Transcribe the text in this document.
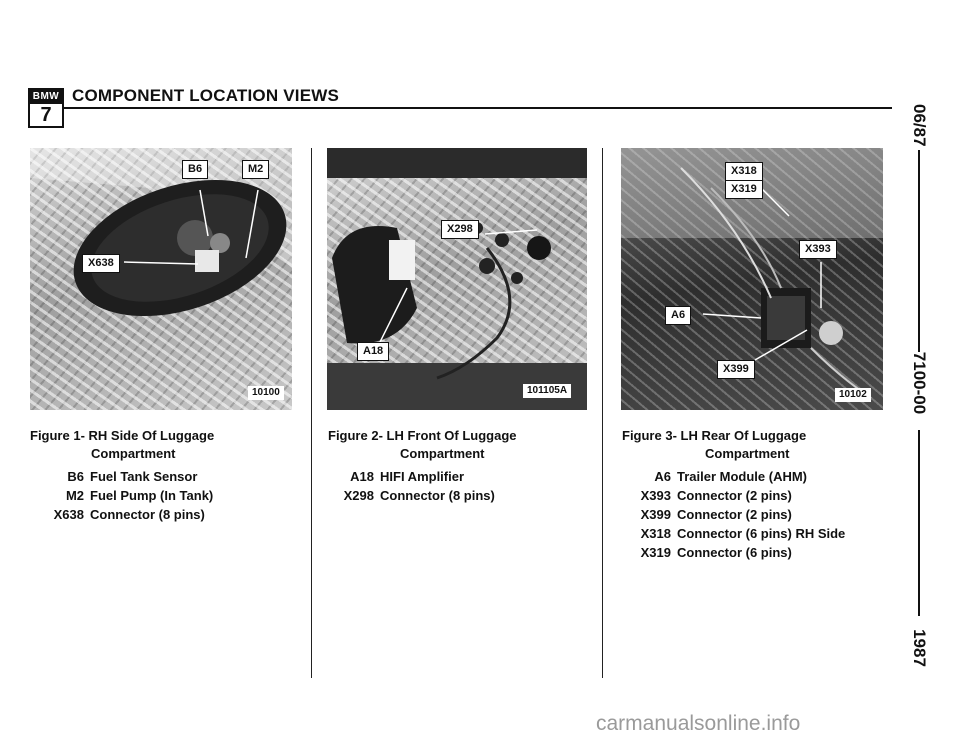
BMW
7
COMPONENT LOCATION VIEWS
B6	M2
X638
10100
X298
A18
101105A
X318
X319
X393
A6
X399
10102
Figure 1- RH Side Of Luggage
Compartment
Figure 2- LH Front Of Luggage
Compartment
Figure 3- LH Rear Of Luggage
Compartment
B6 Fuel Tank Sensor
M2 Fuel Pump (In Tank)
X638 Connector (8 pins)
A18 HIFI Amplifier
X298 Connector (8 pins)
A6 Trailer Module (AHM)
X393 Connector (2 pins)
X399 Connector (2 pins)
X318 Connector (6 pins) RH Side
X319 Connector (6 pins)
06/87
7100-00
1987
carmanualsonline.info
